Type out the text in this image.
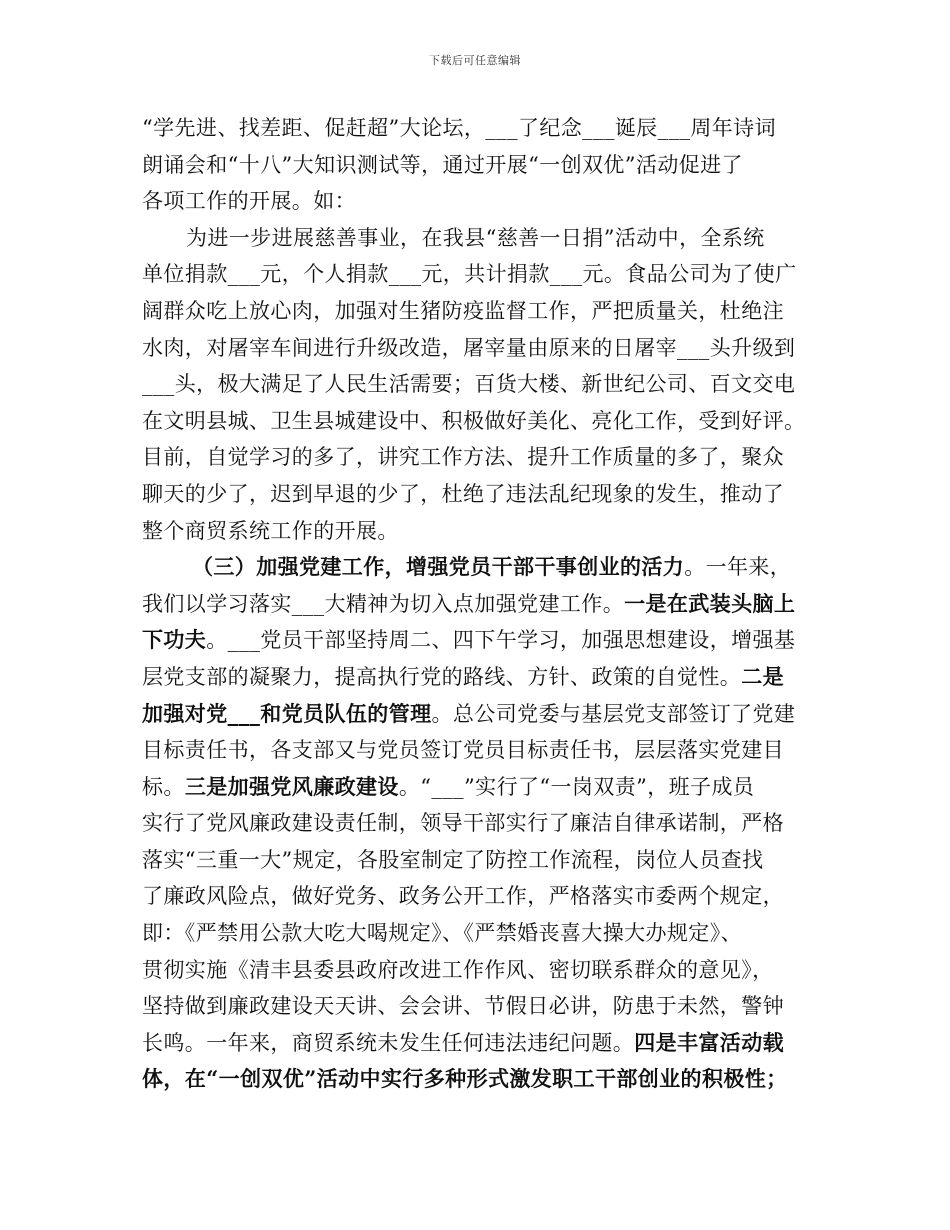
下载后可任意编辑
“学先进、找差距、促赶超”大论坛，___了纪念___诞辰___周年诗词
朗诵会和“十八”大知识测试等，通过开展“一创双优”活动促进了
各项工作的开展。如：
为进一步进展慈善事业，在我县“慈善一日捐”活动中，全系统
单位捐款___元，个人捐款___元，共计捐款___元。食品公司为了使广
阔群众吃上放心肉，加强对生猪防疫监督工作，严把质量关，杜绝注
水肉，对屠宰车间进行升级改造，屠宰量由原来的日屠宰___头升级到
___头，极大满足了人民生活需要；百货大楼、新世纪公司、百文交电
在文明县城、卫生县城建设中、积极做好美化、亮化工作，受到好评。
目前，自觉学习的多了，讲究工作方法、提升工作质量的多了，聚众
聊天的少了，迟到早退的少了，杜绝了违法乱纪现象的发生，推动了
整个商贸系统工作的开展。
（三）加强党建工作，增强党员干部干事创业的活力。一年来，
我们以学习落实___大精神为切入点加强党建工作。一是在武装头脑上
下功夫。___党员干部坚持周二、四下午学习，加强思想建设，增强基
层党支部的凝聚力，提高执行党的路线、方针、政策的自觉性。二是
加强对党___和党员队伍的管理。总公司党委与基层党支部签订了党建
目标责任书，各支部又与党员签订党员目标责任书，层层落实党建目
标。三是加强党风廉政建设。“___”实行了“一岗双责”，班子成员
实行了党风廉政建设责任制，领导干部实行了廉洁自律承诺制，严格
落实“三重一大”规定，各股室制定了防控工作流程，岗位人员查找
了廉政风险点，做好党务、政务公开工作，严格落实市委两个规定，
即：《严禁用公款大吃大喝规定》、《严禁婚丧喜大操大办规定》、
贯彻实施《清丰县委县政府改进工作作风、密切联系群众的意见》，
坚持做到廉政建设天天讲、会会讲、节假日必讲，防患于未然，警钟
长鸣。一年来，商贸系统未发生任何违法违纪问题。四是丰富活动载
体，在“一创双优”活动中实行多种形式激发职工干部创业的积极性；
